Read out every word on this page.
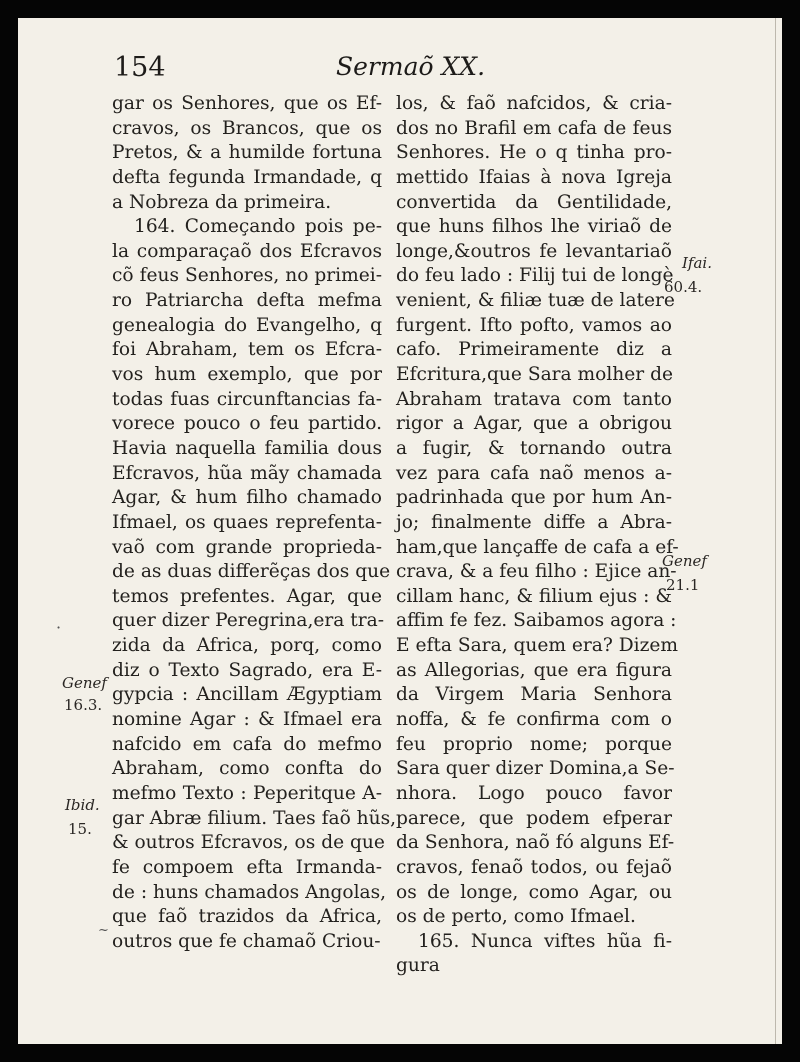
154	Sermaõ XX.
gar os Senhores, que os Ef-
cravos, os Brancos, que os
Pretos, & a humilde fortuna
defta fegunda Irmandade, q
a Nobreza da primeira.
164. Começando pois pe-
la comparaçaõ dos Efcravos
cõ feus Senhores, no primei-
ro Patriarcha defta mefma
genealogia do Evangelho, q
foi Abraham, tem os Efcra-
vos hum exemplo, que por
todas fuas circunftancias fa-
vorece pouco o feu partido.
Havia naquella familia dous
Efcravos, hũa mãy chamada
Agar, & hum filho chamado
Ifmael, os quaes reprefenta-
vaõ com grande proprieda-
de as duas differẽças dos que
temos prefentes. Agar, que
quer dizer Peregrina,era tra-
zida da Africa, porq, como
diz o Texto Sagrado, era E-
gypcia : Ancillam Ægyptiam
nomine Agar : & Ifmael era
nafcido em cafa do mefmo
Abraham, como confta do
mefmo Texto : Peperitque A-
gar Abræ filium. Taes faõ hũs,
& outros Efcravos, os de que
fe compoem efta Irmanda-
de : huns chamados Angolas,
que faõ trazidos da Africa,
outros que fe chamaõ Criou-
los, & faõ nafcidos, & cria-
dos no Brafil em cafa de feus
Senhores. He o q tinha pro-
mettido Ifaias à nova Igreja
convertida da Gentilidade,
que huns filhos lhe viriaõ de
longe,&outros fe levantariaõ
do feu lado : Filij tui de longè
venient, & filiæ tuæ de latere
furgent. Ifto pofto, vamos ao
cafo. Primeiramente diz a
Efcritura,que Sara molher de
Abraham tratava com tanto
rigor a Agar, que a obrigou
a fugir, & tornando outra
vez para cafa naõ menos a-
padrinhada que por hum An-
jo; finalmente diffe a Abra-
ham,que lançaffe de cafa a ef-
crava, & a feu filho : Ejice an-
cillam hanc, & filium ejus : &
affim fe fez. Saibamos agora :
E efta Sara, quem era? Dizem
as Allegorias, que era figura
da Virgem Maria Senhora
noffa, & fe confirma com o
feu proprio nome; porque
Sara quer dizer Domina,a Se-
nhora. Logo pouco favor
parece, que podem efperar
da Senhora, naõ fó alguns Ef-
cravos, fenaõ todos, ou fejaõ
os de longe, como Agar, ou
os de perto, como Ifmael.
165. Nunca viftes hũa fi-
gura
Genef
16.3.
Ibid.
15.
Ifai.
60.4.
Genef
21.1
·
~
